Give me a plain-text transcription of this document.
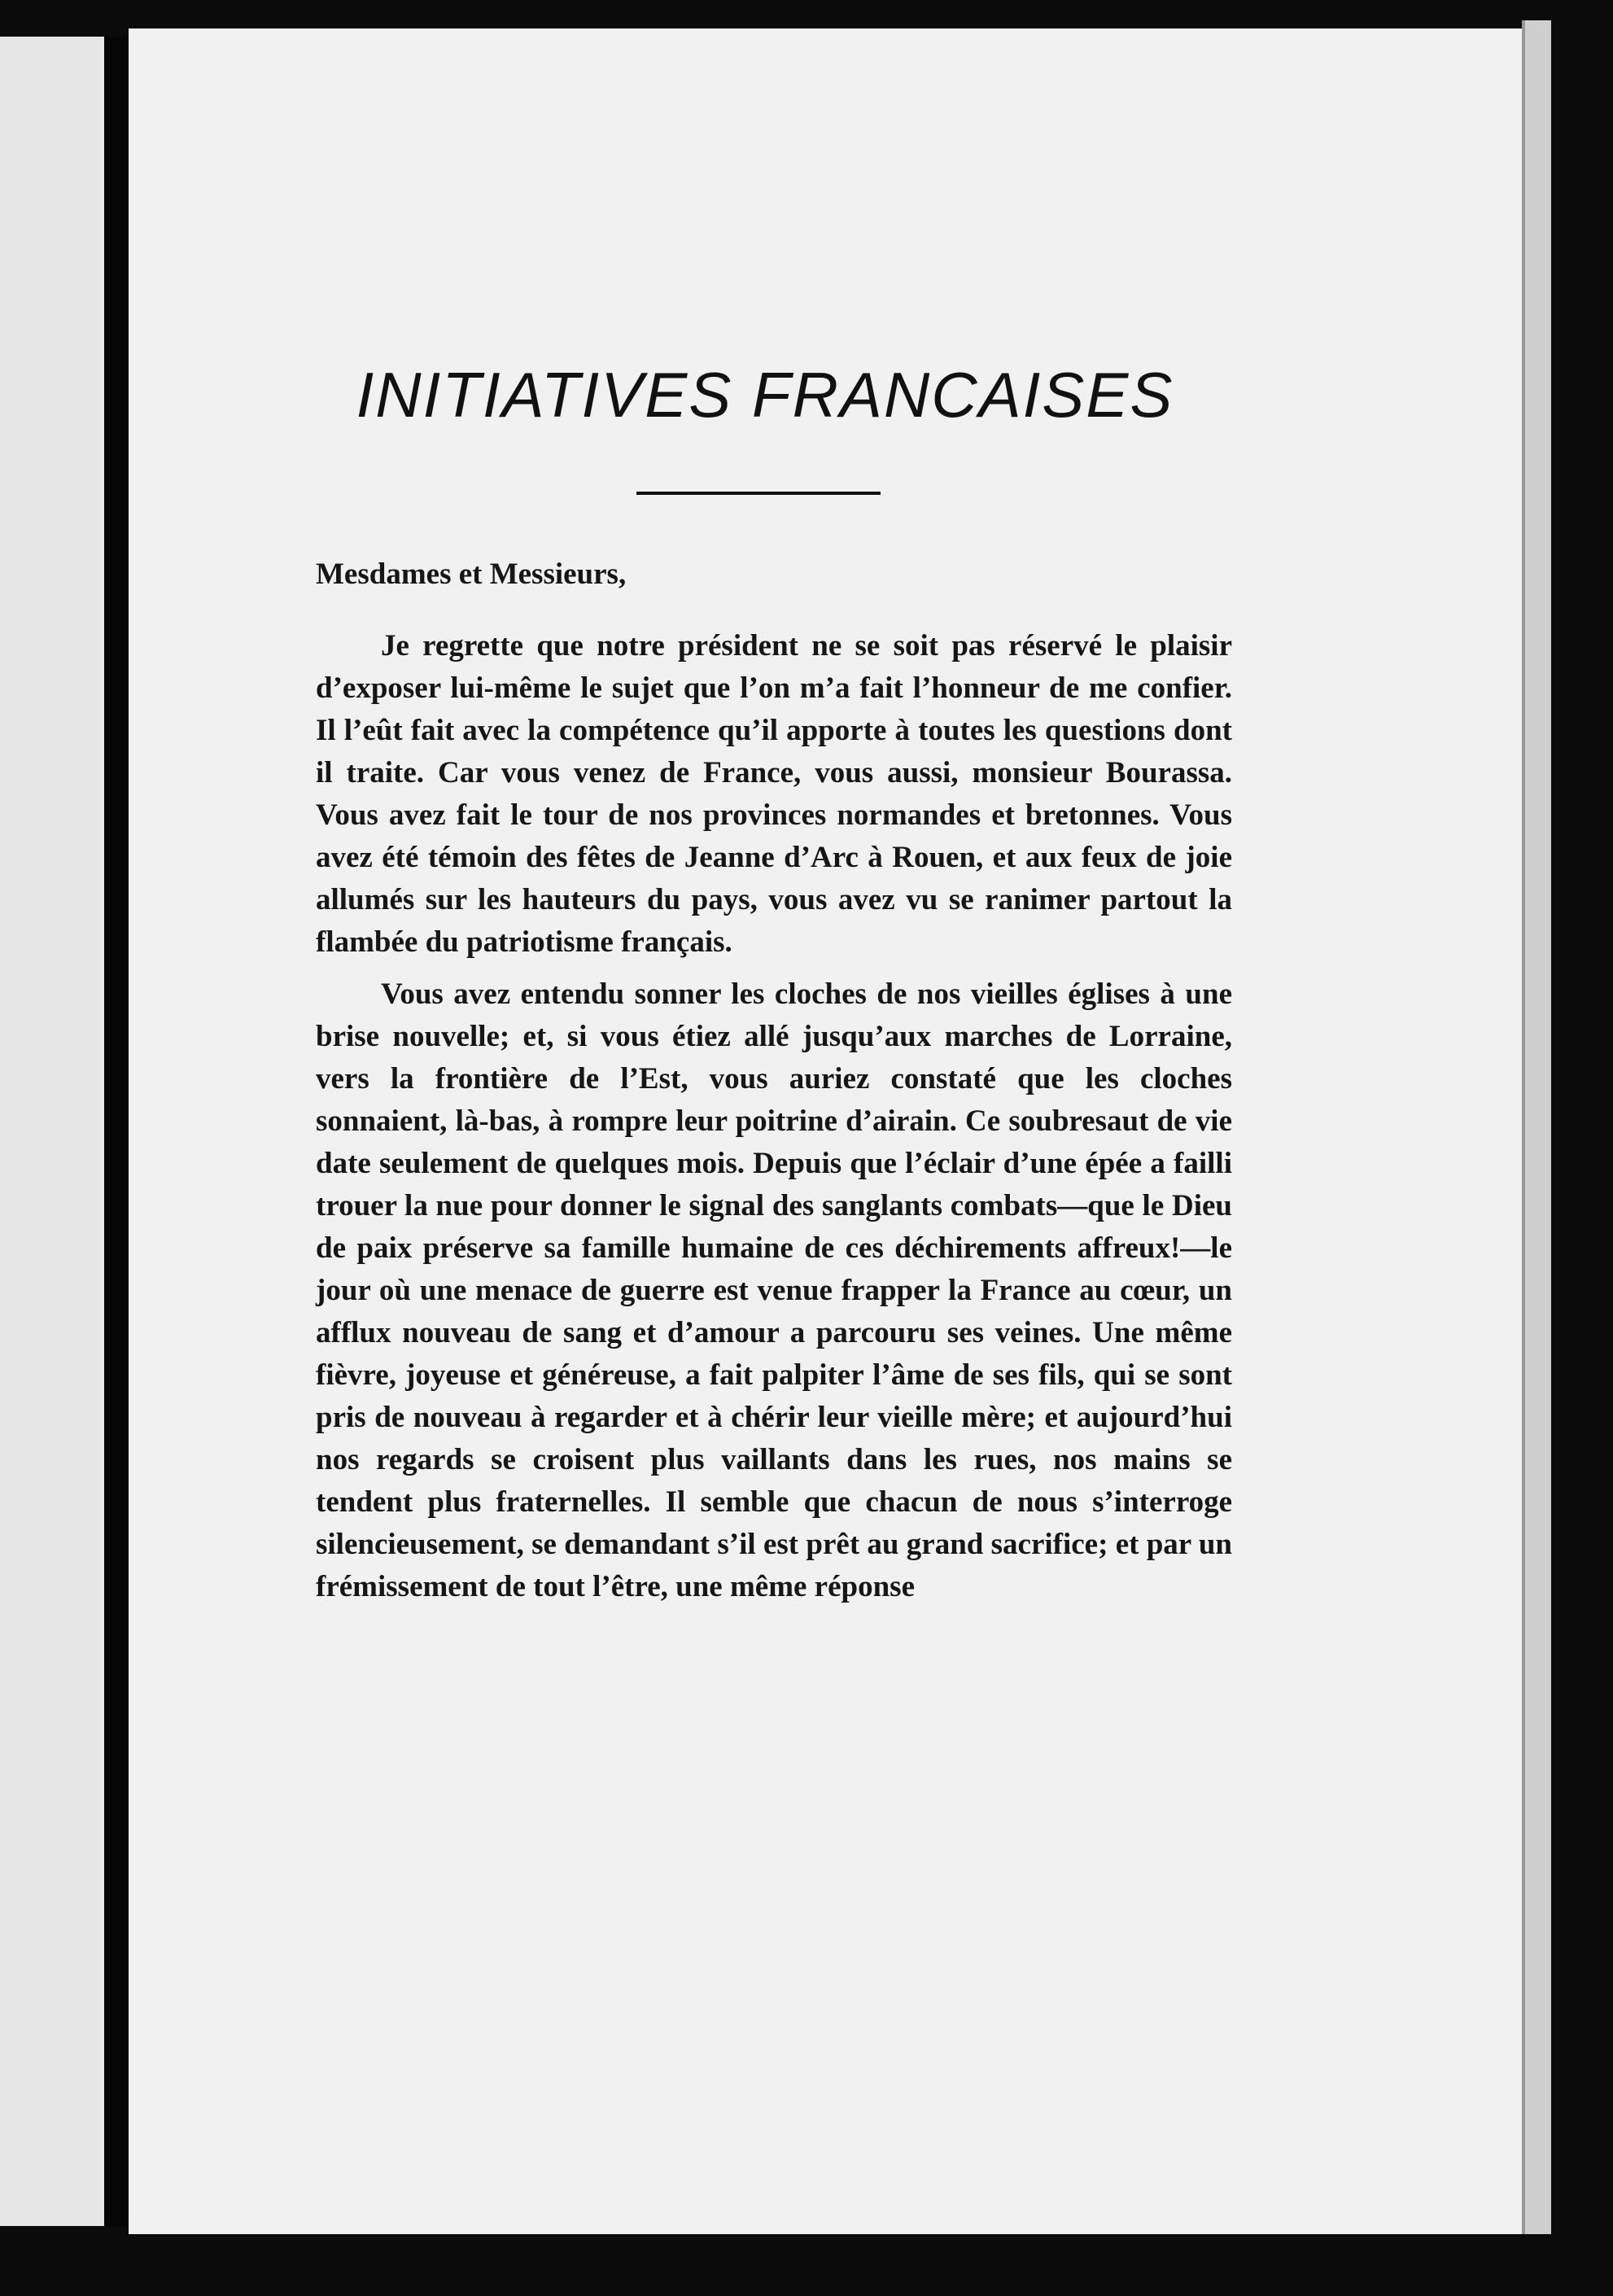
INITIATIVES FRANCAISES

Mesdames et Messieurs,

Je regrette que notre président ne se soit pas réservé le plaisir d’exposer lui-même le sujet que l’on m’a fait l’honneur de me confier. Il l’eût fait avec la compétence qu’il apporte à toutes les questions dont il traite. Car vous venez de France, vous aussi, monsieur Bourassa. Vous avez fait le tour de nos provinces normandes et bretonnes. Vous avez été témoin des fêtes de Jeanne d’Arc à Rouen, et aux feux de joie allumés sur les hauteurs du pays, vous avez vu se ranimer partout la flambée du patriotisme français.

Vous avez entendu sonner les cloches de nos vieilles églises à une brise nouvelle; et, si vous étiez allé jusqu’aux marches de Lorraine, vers la frontière de l’Est, vous auriez constaté que les cloches sonnaient, là-bas, à rompre leur poitrine d’airain. Ce soubresaut de vie date seulement de quelques mois. Depuis que l’éclair d’une épée a failli trouer la nue pour donner le signal des sanglants combats—que le Dieu de paix préserve sa famille humaine de ces déchirements affreux!—le jour où une menace de guerre est venue frapper la France au cœur, un afflux nouveau de sang et d’amour a parcouru ses veines. Une même fièvre, joyeuse et généreuse, a fait palpiter l’âme de ses fils, qui se sont pris de nouveau à regarder et à chérir leur vieille mère; et aujourd’hui nos regards se croisent plus vaillants dans les rues, nos mains se tendent plus fraternelles. Il semble que chacun de nous s’interroge silencieusement, se demandant s’il est prêt au grand sacrifice; et par un frémissement de tout l’être, une même réponse
